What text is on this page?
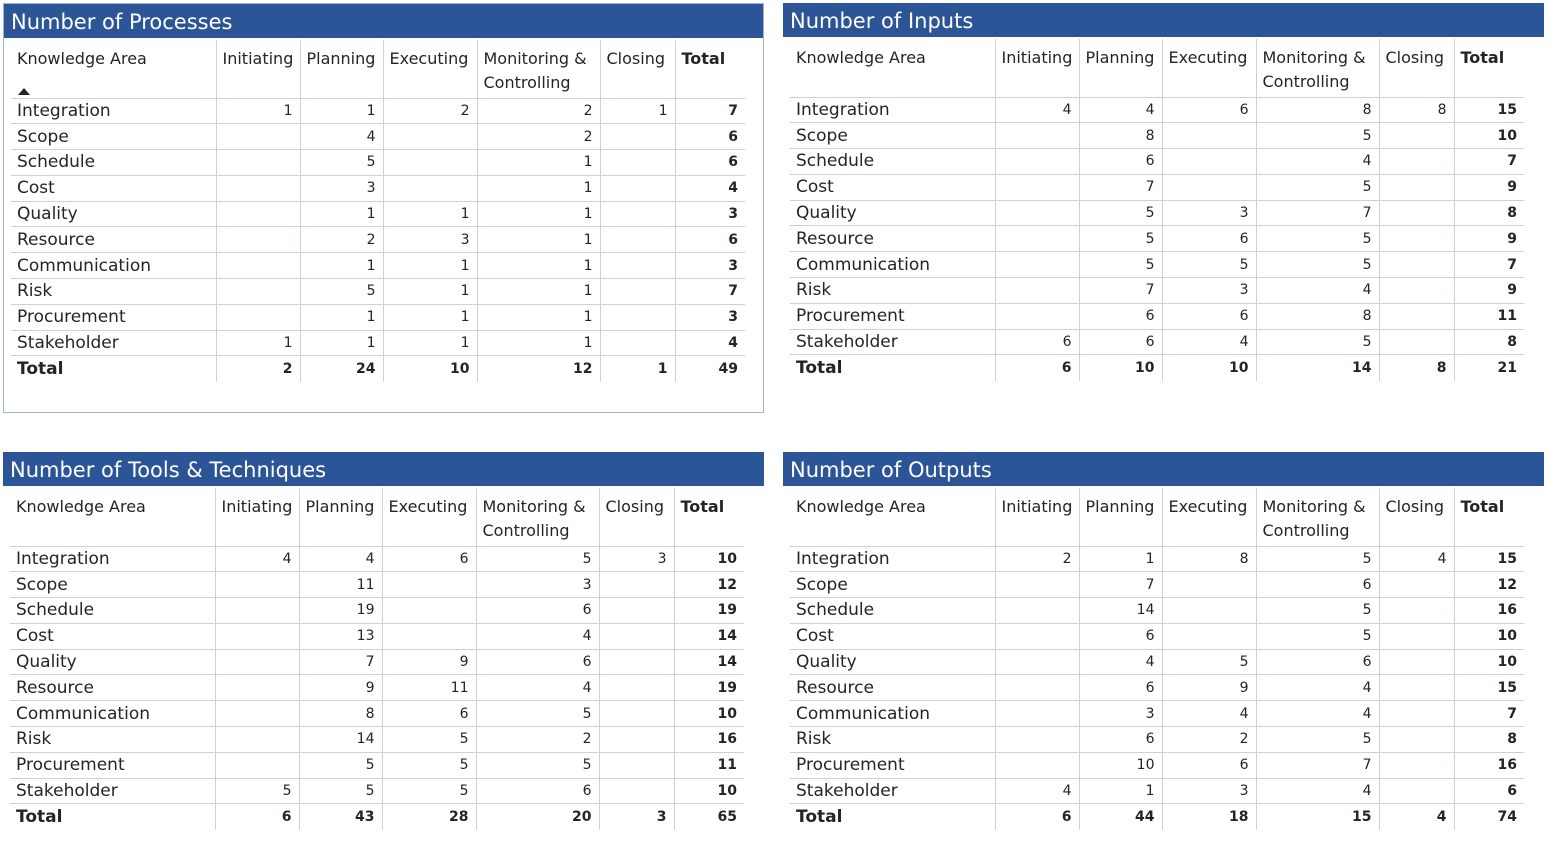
Number of Processes
Knowledge Area	Initiating	Planning	Executing	Monitoring & Controlling	Closing	Total
Integration	1	1	2	2	1	7
Scope		4		2		6
Schedule		5		1		6
Cost		3		1		4
Quality		1	1	1		3
Resource		2	3	1		6
Communication		1	1	1		3
Risk		5	1	1		7
Procurement		1	1	1		3
Stakeholder	1	1	1	1		4
Total	2	24	10	12	1	49
Number of Inputs
Knowledge Area	Initiating	Planning	Executing	Monitoring & Controlling	Closing	Total
Integration	4	4	6	8	8	15
Scope		8		5		10
Schedule		6		4		7
Cost		7		5		9
Quality		5	3	7		8
Resource		5	6	5		9
Communication		5	5	5		7
Risk		7	3	4		9
Procurement		6	6	8		11
Stakeholder	6	6	4	5		8
Total	6	10	10	14	8	21
Number of Tools & Techniques
Knowledge Area	Initiating	Planning	Executing	Monitoring & Controlling	Closing	Total
Integration	4	4	6	5	3	10
Scope		11		3		12
Schedule		19		6		19
Cost		13		4		14
Quality		7	9	6		14
Resource		9	11	4		19
Communication		8	6	5		10
Risk		14	5	2		16
Procurement		5	5	5		11
Stakeholder	5	5	5	6		10
Total	6	43	28	20	3	65
Number of Outputs
Knowledge Area	Initiating	Planning	Executing	Monitoring & Controlling	Closing	Total
Integration	2	1	8	5	4	15
Scope		7		6		12
Schedule		14		5		16
Cost		6		5		10
Quality		4	5	6		10
Resource		6	9	4		15
Communication		3	4	4		7
Risk		6	2	5		8
Procurement		10	6	7		16
Stakeholder	4	1	3	4		6
Total	6	44	18	15	4	74
